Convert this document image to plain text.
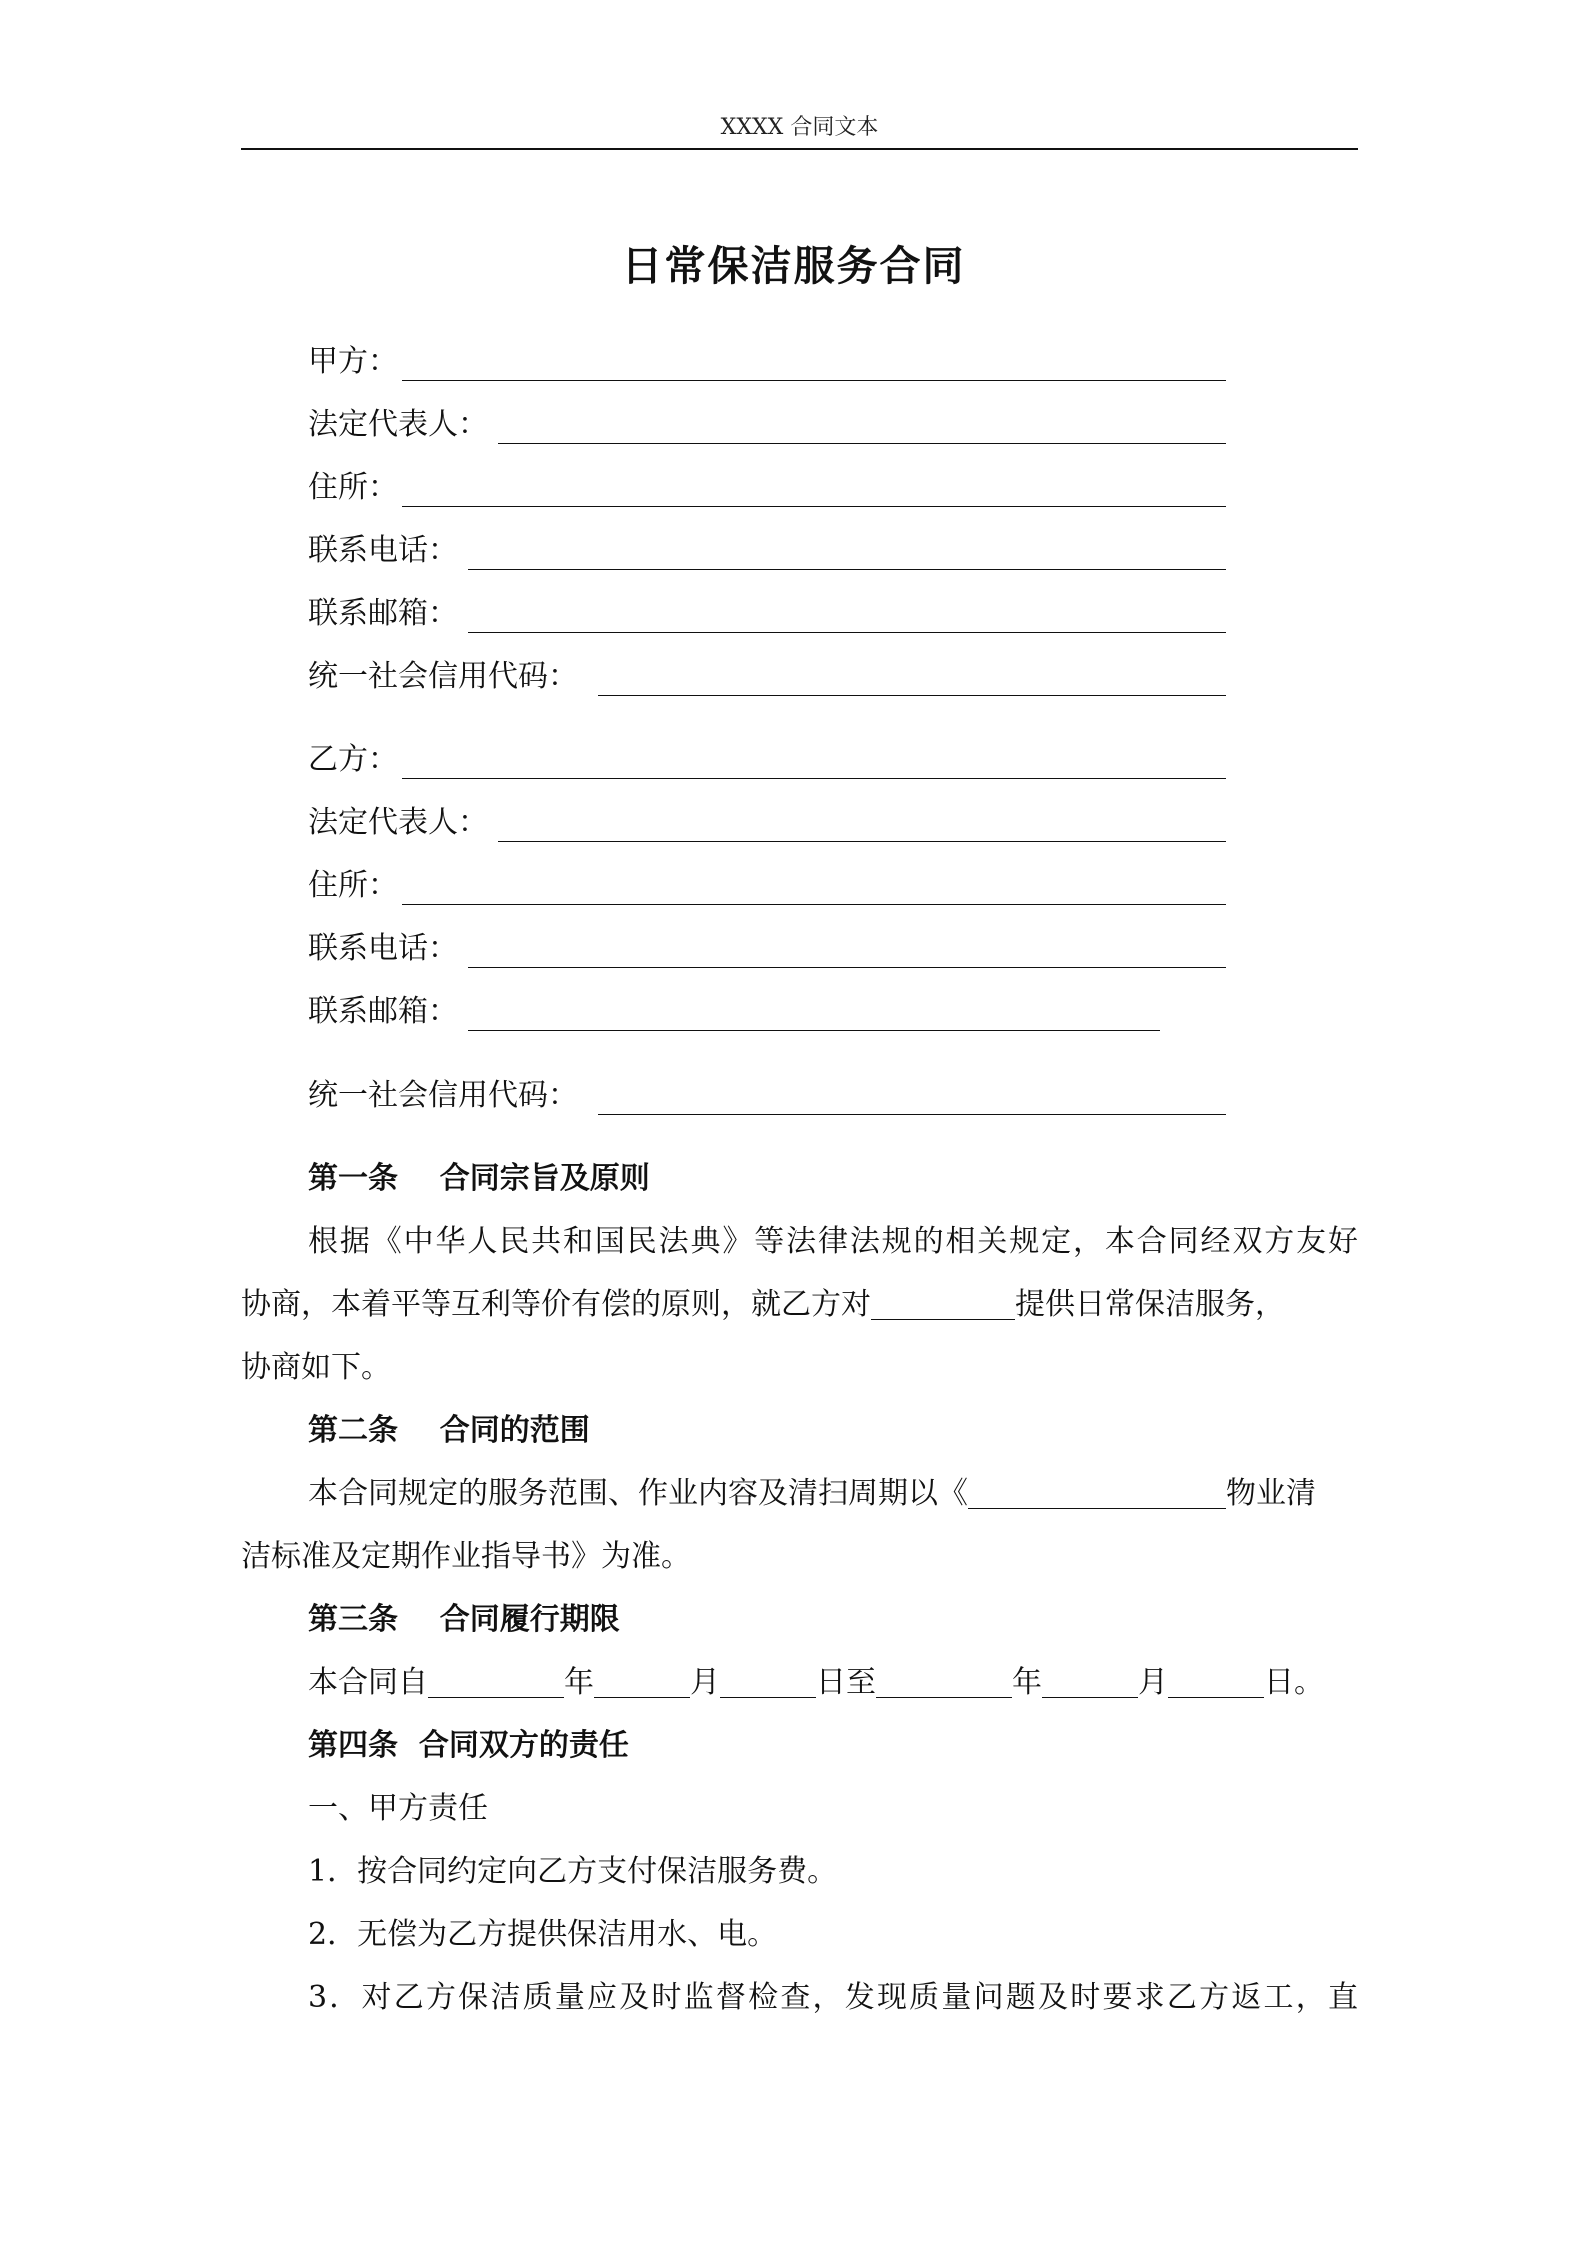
XXXX 合同文本
日常保洁服务合同
甲方：
法定代表人：
住所：
联系电话：
联系邮箱：
统一社会信用代码：
乙方：
法定代表人：
住所：
联系电话：
联系邮箱：
统一社会信用代码：
第一条    合同宗旨及原则
根据《中华人民共和国民法典》等法律法规的相关规定，本合同经双方友好
协商，本着平等互利等价有偿的原则，就乙方对	提供日常保洁服务，
协商如下。
第二条    合同的范围
本合同规定的服务范围、作业内容及清扫周期以《	物业清
洁标准及定期作业指导书》为准。
第三条    合同履行期限
本合同自	年	月	日至	年	月	日。
第四条  合同双方的责任
一、甲方责任
1．按合同约定向乙方支付保洁服务费。
2．无偿为乙方提供保洁用水、电。
3．对乙方保洁质量应及时监督检查，发现质量问题及时要求乙方返工，直
